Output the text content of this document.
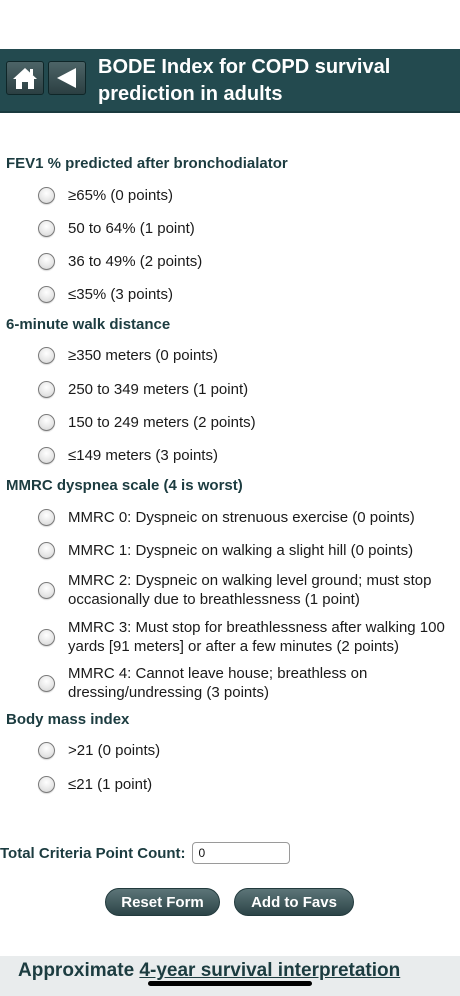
BODE Index for COPD survival prediction in adults
FEV1 % predicted after bronchodialator
≥65% (0 points)
50 to 64% (1 point)
36 to 49% (2 points)
≤35% (3 points)
6-minute walk distance
≥350 meters (0 points)
250 to 349 meters (1 point)
150 to 249 meters (2 points)
≤149 meters (3 points)
MMRC dyspnea scale (4 is worst)
MMRC 0: Dyspneic on strenuous exercise (0 points)
MMRC 1: Dyspneic on walking a slight hill (0 points)
MMRC 2: Dyspneic on walking level ground; must stop occasionally due to breathlessness (1 point)
MMRC 3: Must stop for breathlessness after walking 100 yards [91 meters] or after a few minutes (2 points)
MMRC 4: Cannot leave house; breathless on dressing/undressing (3 points)
Body mass index
>21 (0 points)
≤21 (1 point)
Total Criteria Point Count:
0
Reset Form	Add to Favs
Approximate 4-year survival interpretation
